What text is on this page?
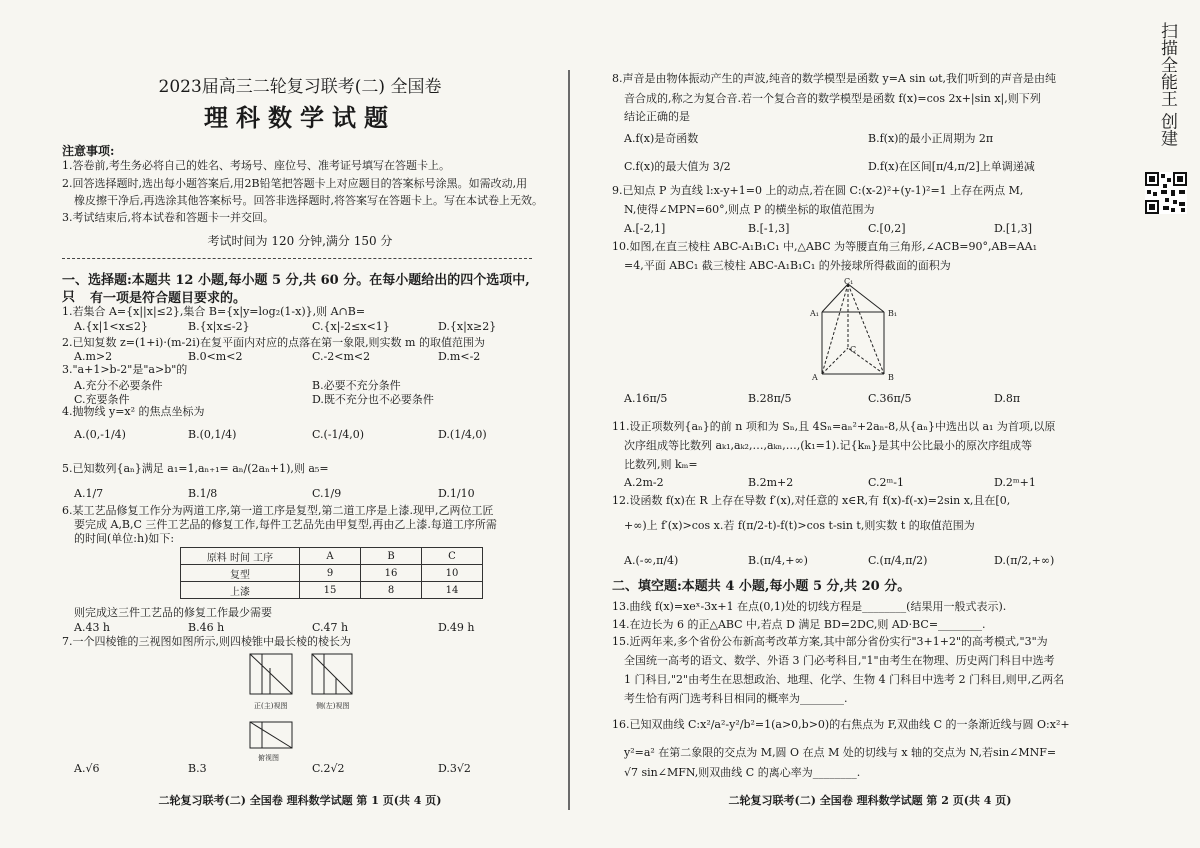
2023届高三二轮复习联考(二) 全国卷
理科数学试题
注意事项:
1.答卷前,考生务必将自己的姓名、考场号、座位号、准考证号填写在答题卡上。
2.回答选择题时,选出每小题答案后,用2B铅笔把答题卡上对应题目的答案标号涂黑。如需改动,用
橡皮擦干净后,再选涂其他答案标号。回答非选择题时,将答案写在答题卡上。写在本试卷上无效。
3.考试结束后,将本试卷和答题卡一并交回。
考试时间为 120 分钟,满分 150 分
一、选择题:本题共 12 小题,每小题 5 分,共 60 分。在每小题给出的四个选项中,只	有一项是符合题目要求的。
1.若集合 A={x||x|≤2},集合 B={x|y=log₂(1-x)},则 A∩B=
A.{x|1<x≤2}	B.{x|x≤-2}	C.{x|-2≤x<1}	D.{x|x≥2}
2.已知复数 z=(1+i)·(m-2i)在复平面内对应的点落在第一象限,则实数 m 的取值范围为
A.m>2	B.0<m<2	C.-2<m<2	D.m<-2
3."a+1>b-2"是"a>b"的
A.充分不必要条件	B.必要不充分条件
C.充要条件	D.既不充分也不必要条件
4.抛物线 y=x² 的焦点坐标为
A.(0,-1/4)	B.(0,1/4)	C.(-1/4,0)	D.(1/4,0)
5.已知数列{aₙ}满足 a₁=1,aₙ₊₁= aₙ/(2aₙ+1),则 a₅=
A.1/7	B.1/8	C.1/9	D.1/10
6.某工艺品修复工作分为两道工序,第一道工序是复型,第二道工序是上漆.现甲,乙两位工匠
要完成 A,B,C 三件工艺品的修复工作,每件工艺品先由甲复型,再由乙上漆.每道工序所需
的时间(单位:h)如下:
原料 时间 工序	A	B	C
复型	9	16	10
上漆	15	8	14
则完成这三件工艺品的修复工作最少需要
A.43 h	B.46 h	C.47 h	D.49 h
7.一个四棱锥的三视图如图所示,则四棱锥中最长棱的棱长为
正(主)视图	侧(左)视图
俯视图
A.√6	B.3	C.2√2	D.3√2
二轮复习联考(二) 全国卷 理科数学试题 第 1 页(共 4 页)
8.声音是由物体振动产生的声波,纯音的数学模型是函数 y=A sin ωt,我们听到的声音是由纯
音合成的,称之为复合音.若一个复合音的数学模型是函数 f(x)=cos 2x+|sin x|,则下列
结论正确的是
A.f(x)是奇函数	B.f(x)的最小正周期为 2π
C.f(x)的最大值为 3/2	D.f(x)在区间[π/4,π/2]上单调递减
9.已知点 P 为直线 l:x-y+1=0 上的动点,若在圆 C:(x-2)²+(y-1)²=1 上存在两点 M,
N,使得∠MPN=60°,则点 P 的横坐标的取值范围为
A.[-2,1]	B.[-1,3]	C.[0,2]	D.[1,3]
10.如图,在直三棱柱 ABC-A₁B₁C₁ 中,△ABC 为等腰直角三角形,∠ACB=90°,AB=AA₁
=4,平面 ABC₁ 截三棱柱 ABC-A₁B₁C₁ 的外接球所得截面的面积为
C₁
A₁	B₁
C
A	B
A.16π/5	B.28π/5	C.36π/5	D.8π
11.设正项数列{aₙ}的前 n 项和为 Sₙ,且 4Sₙ=aₙ²+2aₙ-8,从{aₙ}中选出以 a₁ 为首项,以原
次序组成等比数列 aₖ₁,aₖ₂,…,aₖₙ,…,(k₁=1).记{kₘ}是其中公比最小的原次序组成等
比数列,则 kₘ=
A.2m-2	B.2m+2	C.2ᵐ-1	D.2ᵐ+1
12.设函数 f(x)在 R 上存在导数 f′(x),对任意的 x∈R,有 f(x)-f(-x)=2sin x,且在[0,
+∞)上 f′(x)>cos x.若 f(π/2-t)-f(t)>cos t-sin t,则实数 t 的取值范围为
A.(-∞,π/4)	B.(π/4,+∞)	C.(π/4,π/2)	D.(π/2,+∞)
二、填空题:本题共 4 小题,每小题 5 分,共 20 分。
13.曲线 f(x)=xeˣ-3x+1 在点(0,1)处的切线方程是________(结果用一般式表示).
14.在边长为 6 的正△ABC 中,若点 D 满足 BD=2DC,则 AD·BC=________.
15.近两年来,多个省份公布新高考改革方案,其中部分省份实行"3+1+2"的高考模式,"3"为
全国统一高考的语文、数学、外语 3 门必考科目,"1"由考生在物理、历史两门科目中选考
1 门科目,"2"由考生在思想政治、地理、化学、生物 4 门科目中选考 2 门科目,则甲,乙两名
考生恰有两门选考科目相同的概率为________.
16.已知双曲线 C:x²/a²-y²/b²=1(a>0,b>0)的右焦点为 F,双曲线 C 的一条渐近线与圆 O:x²+
y²=a² 在第二象限的交点为 M,圆 O 在点 M 处的切线与 x 轴的交点为 N,若sin∠MNF=
√7 sin∠MFN,则双曲线 C 的离心率为________.
二轮复习联考(二) 全国卷 理科数学试题 第 2 页(共 4 页)
扫描全能王 创建
